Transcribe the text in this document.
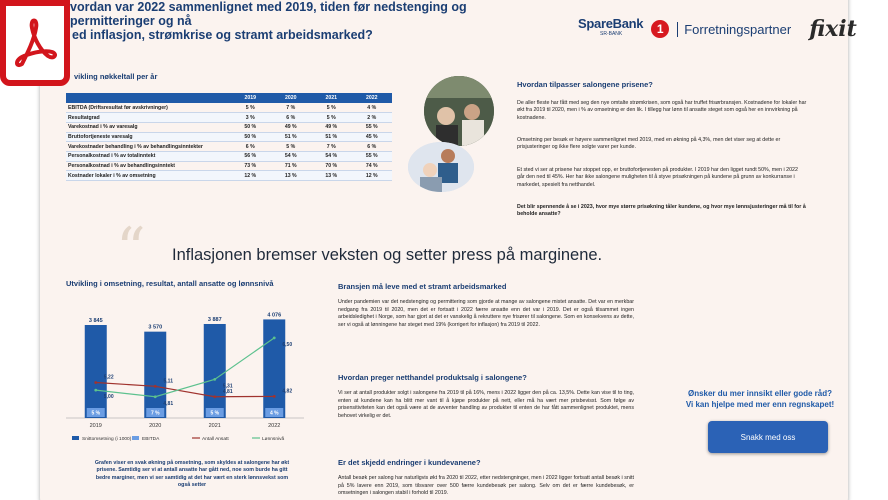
vordan var 2022 sammenlignet med 2019, tiden før nedstenging og permitteringer og nå
ed inflasjon, strømkrise og stramt arbeidsmarked?
SpareBank
SR-BANK	1	Forretningspartner fixit
vikling nøkkeltall per år
	2019	2020	2021	2022
EBITDA (Driftsresultat før avskrivninger)	5 %	7 %	5 %	4 %
Resultatgrad	3 %	6 %	5 %	2 %
Varekostnad i % av varesalg	50 %	49 %	49 %	55 %
Bruttofortjeneste varesalg	50 %	51 %	51 %	45 %
Varekostnader behandling i % av behandlingsinntekter	6 %	5 %	7 %	6 %
Personalkostnad i % av totalinntekt	56 %	54 %	54 %	55 %
Personalkostnad i % av behandlingsinntekt	73 %	71 %	70 %	74 %
Kostnader lokaler i % av omsetning	12 %	13 %	13 %	12 %
Hvordan tilpasser salongene prisene?
De aller fleste har fått med seg den nye omtalte strømkrisen, som også har truffet frisørbransjen. Kostnadene for lokaler har økt fra 2019 til 2020, men i % av omsetning er den lik. I tillegg har lønn til ansatte steget som også her en innvirkning på kostnadene.
Omsetning per besøk er høyere sammenlignet med 2019, med en økning på 4,3%, men det viser seg at dette er prisjusteringer og ikke flere solgte varer per kunde.
Et sted vi ser at prisene har stoppet opp, er bruttofortjenesten på produkter. I 2019 har den ligget rundt 50%, men i 2022 går den ned til 45%. Her har ikke salongene muligheten til å styve prisøkningen på kundene på grunn av konkurranse i markedet, spesielt fra netthandel.
Det blir spennende å se i 2023, hvor mye større prisøkning tåler kundene, og hvor mye lønnsjusteringer må til for å beholde ansatte?
“ Inflasjonen bremser veksten og setter press på marginene.
Utvikling i omsetning, resultat, antall ansatte og lønnsnivå
3 845
5 %
2019
3 570
7 %
2020
3 887
5 %
2021
4 076
4 %
2022
5,22
5,11
4,81	4,82
5,00
4,81
5,31
6,50
Snittomsetning (i 1000) EBITDA	Antall Ansatt	Lønnsnivå
Grafen viser en svak økning på omsetning, som skyldes at salongene har økt prisene. Samtidig ser vi at antall ansatte har gått ned, noe som burde ha gitt bedre marginer, men vi ser samtidig at det har vært en sterk lønnsvekst som også setter
Bransjen må leve med et stramt arbeidsmarked
Under pandemien var det nedstenging og permittering som gjorde at mange av salongene mistet ansatte. Det var en merkbar nedgang fra 2019 til 2020, men det er fortsatt i 2022 færre ansatte enn det var i 2019. Det er også tilsammet ingen arbeidsledighet i Norge, som har gjort at det er vanskelig å rekruttere nye frisører til salongene. Som en konsekvens av dette, ser vi også at lønningene har steget med 19% (korrigert for inflasjon) fra 2019 til 2022.
Hvordan preger netthandel produktsalg i salongene?
Vi ser at antall produkter solgt i salongene fra 2019 til på 16%, mens i 2022 ligger den på ca. 13,5%. Dette kan vise til to ting, enten at kundene kan ha blitt mer vant til å kjøpe produkter på nett, eller må ha vært mer prisbevisst. Som følge av prisensitiviteten kan det også være at de avventer handling av produkter til enten de har fått sammenlignet produktet, mens behovet virkelig er det.
Er det skjedd endringer i kundevanene?
Antall besøk per salong har naturligvis økt fra 2020 til 2022, etter nedstengninger, men i 2022 ligger fortsatt antall besøk i snitt på 5% lavere enn 2019, som tilsvarer over 500 færre kundebesøk per salong. Selv om det er færre kundebesøk, er omsetningen i salongen stabil i forhold til 2019.
Ønsker du mer innsikt eller gode råd?
Vi kan hjelpe med mer enn regnskapet!
Snakk med oss
